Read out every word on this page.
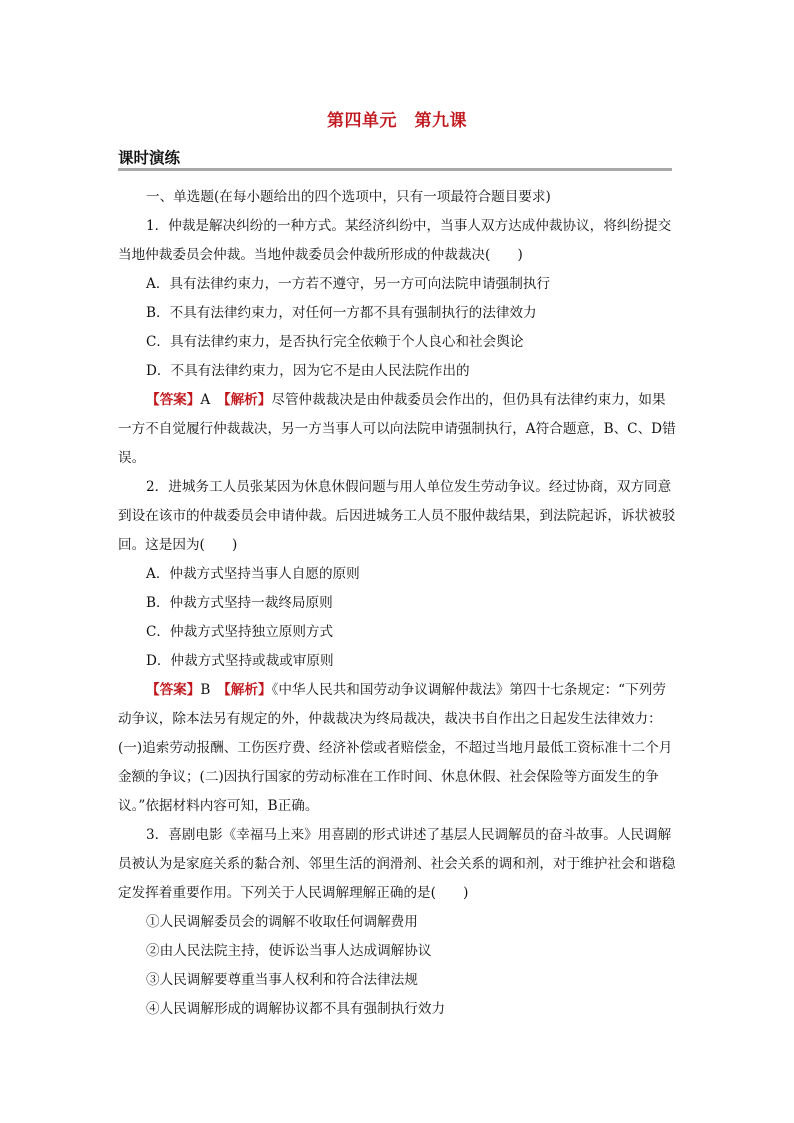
第四单元　第九课
课时演练

一、单选题(在每小题给出的四个选项中，只有一项最符合题目要求)

1．仲裁是解决纠纷的一种方式。某经济纠纷中，当事人双方达成仲裁协议，将纠纷提交当地仲裁委员会仲裁。当地仲裁委员会仲裁所形成的仲裁裁决(　　)

A．具有法律约束力，一方若不遵守，另一方可向法院申请强制执行

B．不具有法律约束力，对任何一方都不具有强制执行的法律效力

C．具有法律约束力，是否执行完全依赖于个人良心和社会舆论

D．不具有法律约束力，因为它不是由人民法院作出的

【答案】A　【解析】尽管仲裁裁决是由仲裁委员会作出的，但仍具有法律约束力，如果一方不自觉履行仲裁裁决，另一方当事人可以向法院申请强制执行，A符合题意，B、C、D错误。

2．进城务工人员张某因为休息休假问题与用人单位发生劳动争议。经过协商，双方同意到设在该市的仲裁委员会申请仲裁。后因进城务工人员不服仲裁结果，到法院起诉，诉状被驳回。这是因为(　　)

A．仲裁方式坚持当事人自愿的原则

B．仲裁方式坚持一裁终局原则

C．仲裁方式坚持独立原则方式

D．仲裁方式坚持或裁或审原则

【答案】B　【解析】《中华人民共和国劳动争议调解仲裁法》第四十七条规定：“下列劳动争议，除本法另有规定的外，仲裁裁决为终局裁决，裁决书自作出之日起发生法律效力：(一)追索劳动报酬、工伤医疗费、经济补偿或者赔偿金，不超过当地月最低工资标准十二个月金额的争议；(二)因执行国家的劳动标准在工作时间、休息休假、社会保险等方面发生的争议。”依据材料内容可知，B正确。

3．喜剧电影《幸福马上来》用喜剧的形式讲述了基层人民调解员的奋斗故事。人民调解员被认为是家庭关系的黏合剂、邻里生活的润滑剂、社会关系的调和剂，对于维护社会和谐稳定发挥着重要作用。下列关于人民调解理解正确的是(　　)

①人民调解委员会的调解不收取任何调解费用

②由人民法院主持，使诉讼当事人达成调解协议

③人民调解要尊重当事人权利和符合法律法规

④人民调解形成的调解协议都不具有强制执行效力
